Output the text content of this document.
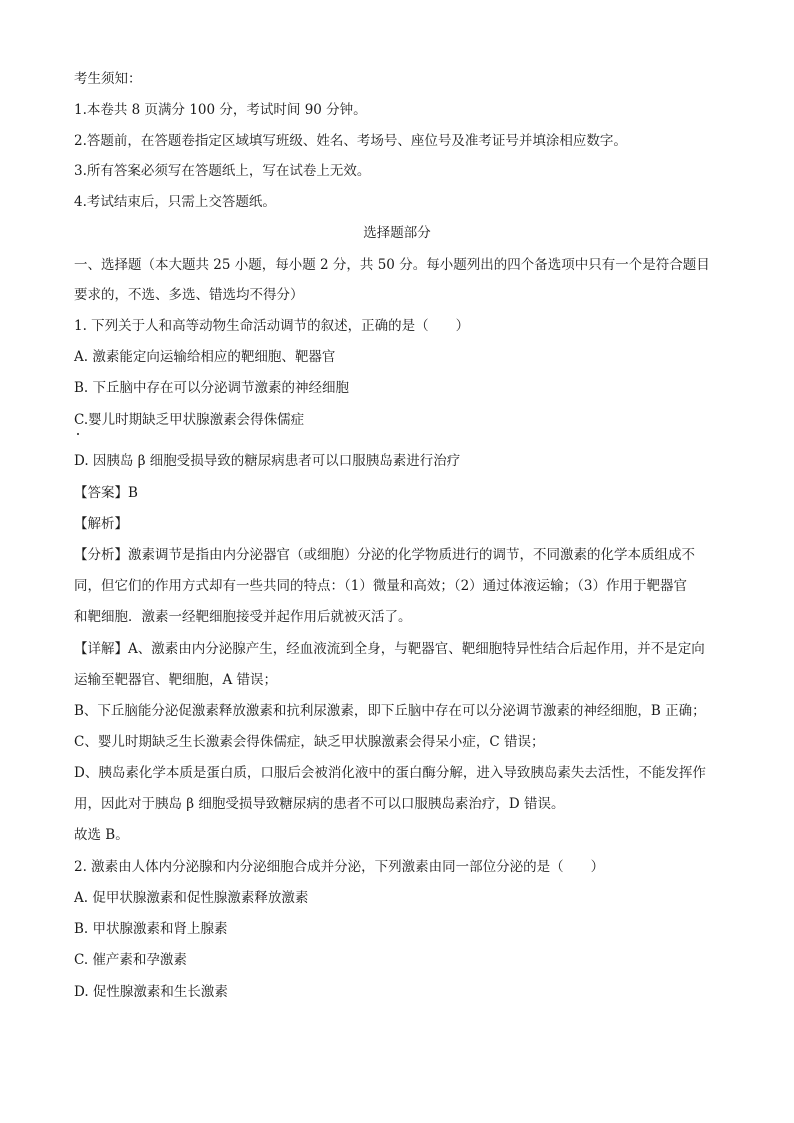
考生须知：
1.本卷共 8 页满分 100 分，考试时间 90 分钟。
2.答题前，在答题卷指定区域填写班级、姓名、考场号、座位号及准考证号并填涂相应数字。
3.所有答案必须写在答题纸上，写在试卷上无效。
4.考试结束后，只需上交答题纸。
选择题部分
一、选择题（本大题共 25 小题，每小题 2 分，共 50 分。每小题列出的四个备选项中只有一个是符合题目
要求的，不选、多选、错选均不得分）
1. 下列关于人和高等动物生命活动调节的叙述，正确的是（　　）
A. 激素能定向运输给相应的靶细胞、靶器官
B. 下丘脑中存在可以分泌调节激素的神经细胞
C.婴儿时期缺乏甲状腺激素会得侏儒症
D. 因胰岛 β 细胞受损导致的糖尿病患者可以口服胰岛素进行治疗
【答案】B
【解析】
【分析】激素调节是指由内分泌器官（或细胞）分泌的化学物质进行的调节，不同激素的化学本质组成不
同，但它们的作用方式却有一些共同的特点：（1）微量和高效；（2）通过体液运输；（3）作用于靶器官
和靶细胞．激素一经靶细胞接受并起作用后就被灭活了。
【详解】A、激素由内分泌腺产生，经血液流到全身，与靶器官、靶细胞特异性结合后起作用，并不是定向
运输至靶器官、靶细胞，A 错误；
B、下丘脑能分泌促激素释放激素和抗利尿激素，即下丘脑中存在可以分泌调节激素的神经细胞，B 正确；
C、婴儿时期缺乏生长激素会得侏儒症，缺乏甲状腺激素会得呆小症，C 错误；
D、胰岛素化学本质是蛋白质，口服后会被消化液中的蛋白酶分解，进入导致胰岛素失去活性，不能发挥作
用，因此对于胰岛 β 细胞受损导致糖尿病的患者不可以口服胰岛素治疗，D 错误。
故选 B。
2. 激素由人体内分泌腺和内分泌细胞合成并分泌，下列激素由同一部位分泌的是（　　）
A. 促甲状腺激素和促性腺激素释放激素
B. 甲状腺激素和肾上腺素
C. 催产素和孕激素
D. 促性腺激素和生长激素
